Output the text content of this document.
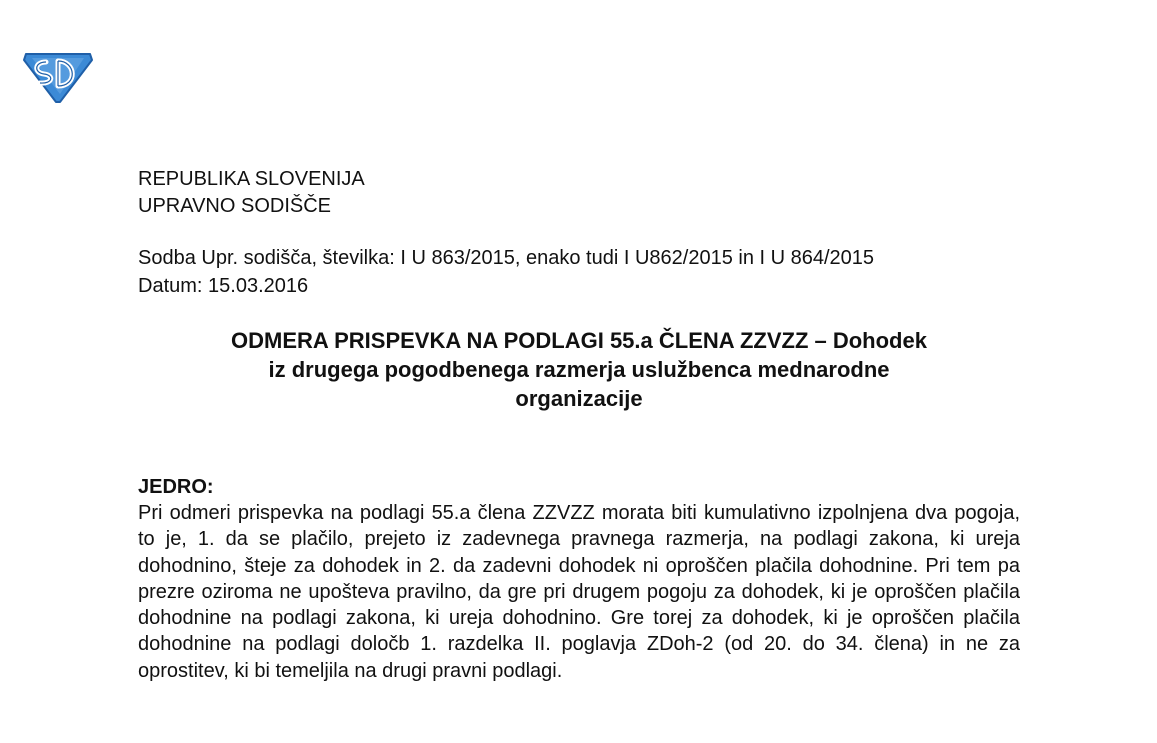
REPUBLIKA SLOVENIJA
UPRAVNO SODIŠČE
Sodba Upr. sodišča, številka: I U 863/2015, enako tudi I U862/2015 in I U 864/2015
Datum: 15.03.2016
ODMERA PRISPEVKA NA PODLAGI 55.a ČLENA ZZVZZ – Dohodek
iz drugega pogodbenega razmerja uslužbenca mednarodne
organizacije
JEDRO:
Pri odmeri prispevka na podlagi 55.a člena ZZVZZ morata biti kumulativno izpolnjena dva pogoja, to je, 1. da se plačilo, prejeto iz zadevnega pravnega razmerja, na podlagi zakona, ki ureja dohodnino, šteje za dohodek in 2. da zadevni dohodek ni oproščen plačila dohodnine. Pri tem pa prezre oziroma ne upošteva pravilno, da gre pri drugem pogoju za dohodek, ki je oproščen plačila dohodnine na podlagi zakona, ki ureja dohodnino. Gre torej za dohodek, ki je oproščen plačila dohodnine na podlagi določb 1. razdelka II. poglavja ZDoh-2 (od 20. do 34. člena) in ne za oprostitev, ki bi temeljila na drugi pravni podlagi.
